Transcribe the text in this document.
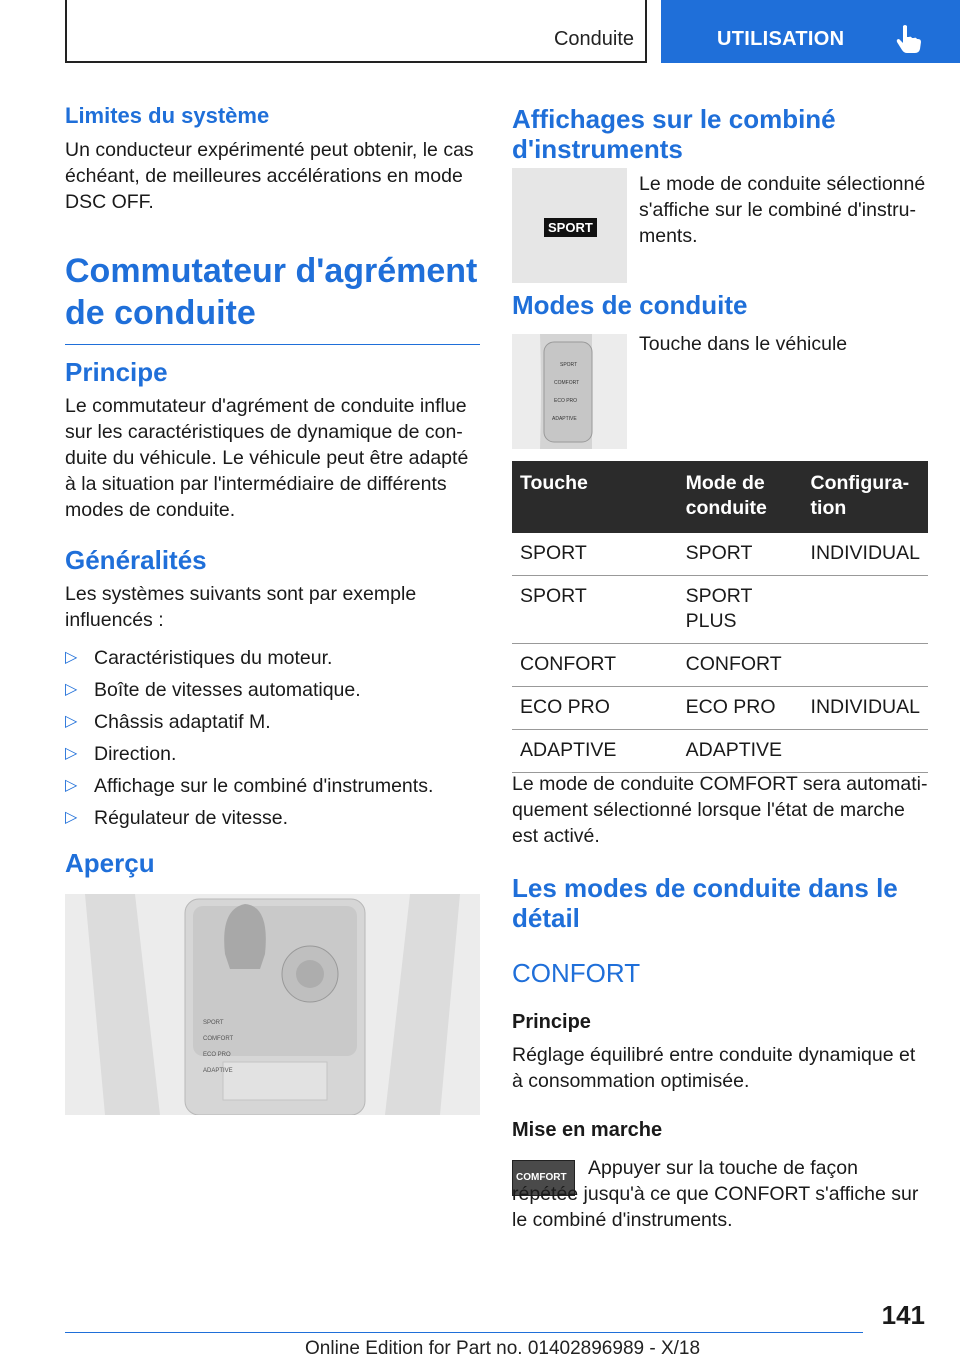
Conduite	UTILISATION

Limites du système

Un conducteur expérimenté peut obtenir, le cas échéant, de meilleures accélérations en mode DSC OFF.

Commutateur d'agrément

de conduite

Principe

Le commutateur d'agrément de conduite influe sur les caractéristiques de dynamique de conduite du véhicule. Le véhicule peut être adapté à la situation par l'intermédiaire de différents modes de conduite.

Généralités

Les systèmes suivants sont par exemple influencés :

▷ Caractéristiques du moteur.
▷ Boîte de vitesses automatique.
▷ Châssis adaptatif M.
▷ Direction.
▷ Affichage sur le combiné d'instruments.
▷ Régulateur de vitesse.

Aperçu

SPORT
COMFORT
ECO PRO
ADAPTIVE

Affichages sur le combiné

d'instruments

SPORT

Le mode de conduite sélectionné s'affiche sur le combiné d'instruments.

Modes de conduite

SPORT
COMFORT
ECO PRO
ADAPTIVE

Touche dans le véhicule

Touche	Mode de conduite	Configuration
SPORT	SPORT	INDIVIDUAL
SPORT	SPORT PLUS	
CONFORT	CONFORT	
ECO PRO	ECO PRO	INDIVIDUAL
ADAPTIVE	ADAPTIVE	

Le mode de conduite COMFORT sera automatiquement sélectionné lorsque l'état de marche est activé.

Les modes de conduite dans le

détail

CONFORT

Principe

Réglage équilibré entre conduite dynamique et à consommation optimisée.

Mise en marche

COMFORT	Appuyer sur la touche de façon répétée jusqu'à ce que CONFORT s'affiche sur le combiné d'instruments.

141
Online Edition for Part no. 01402896989 - X/18
